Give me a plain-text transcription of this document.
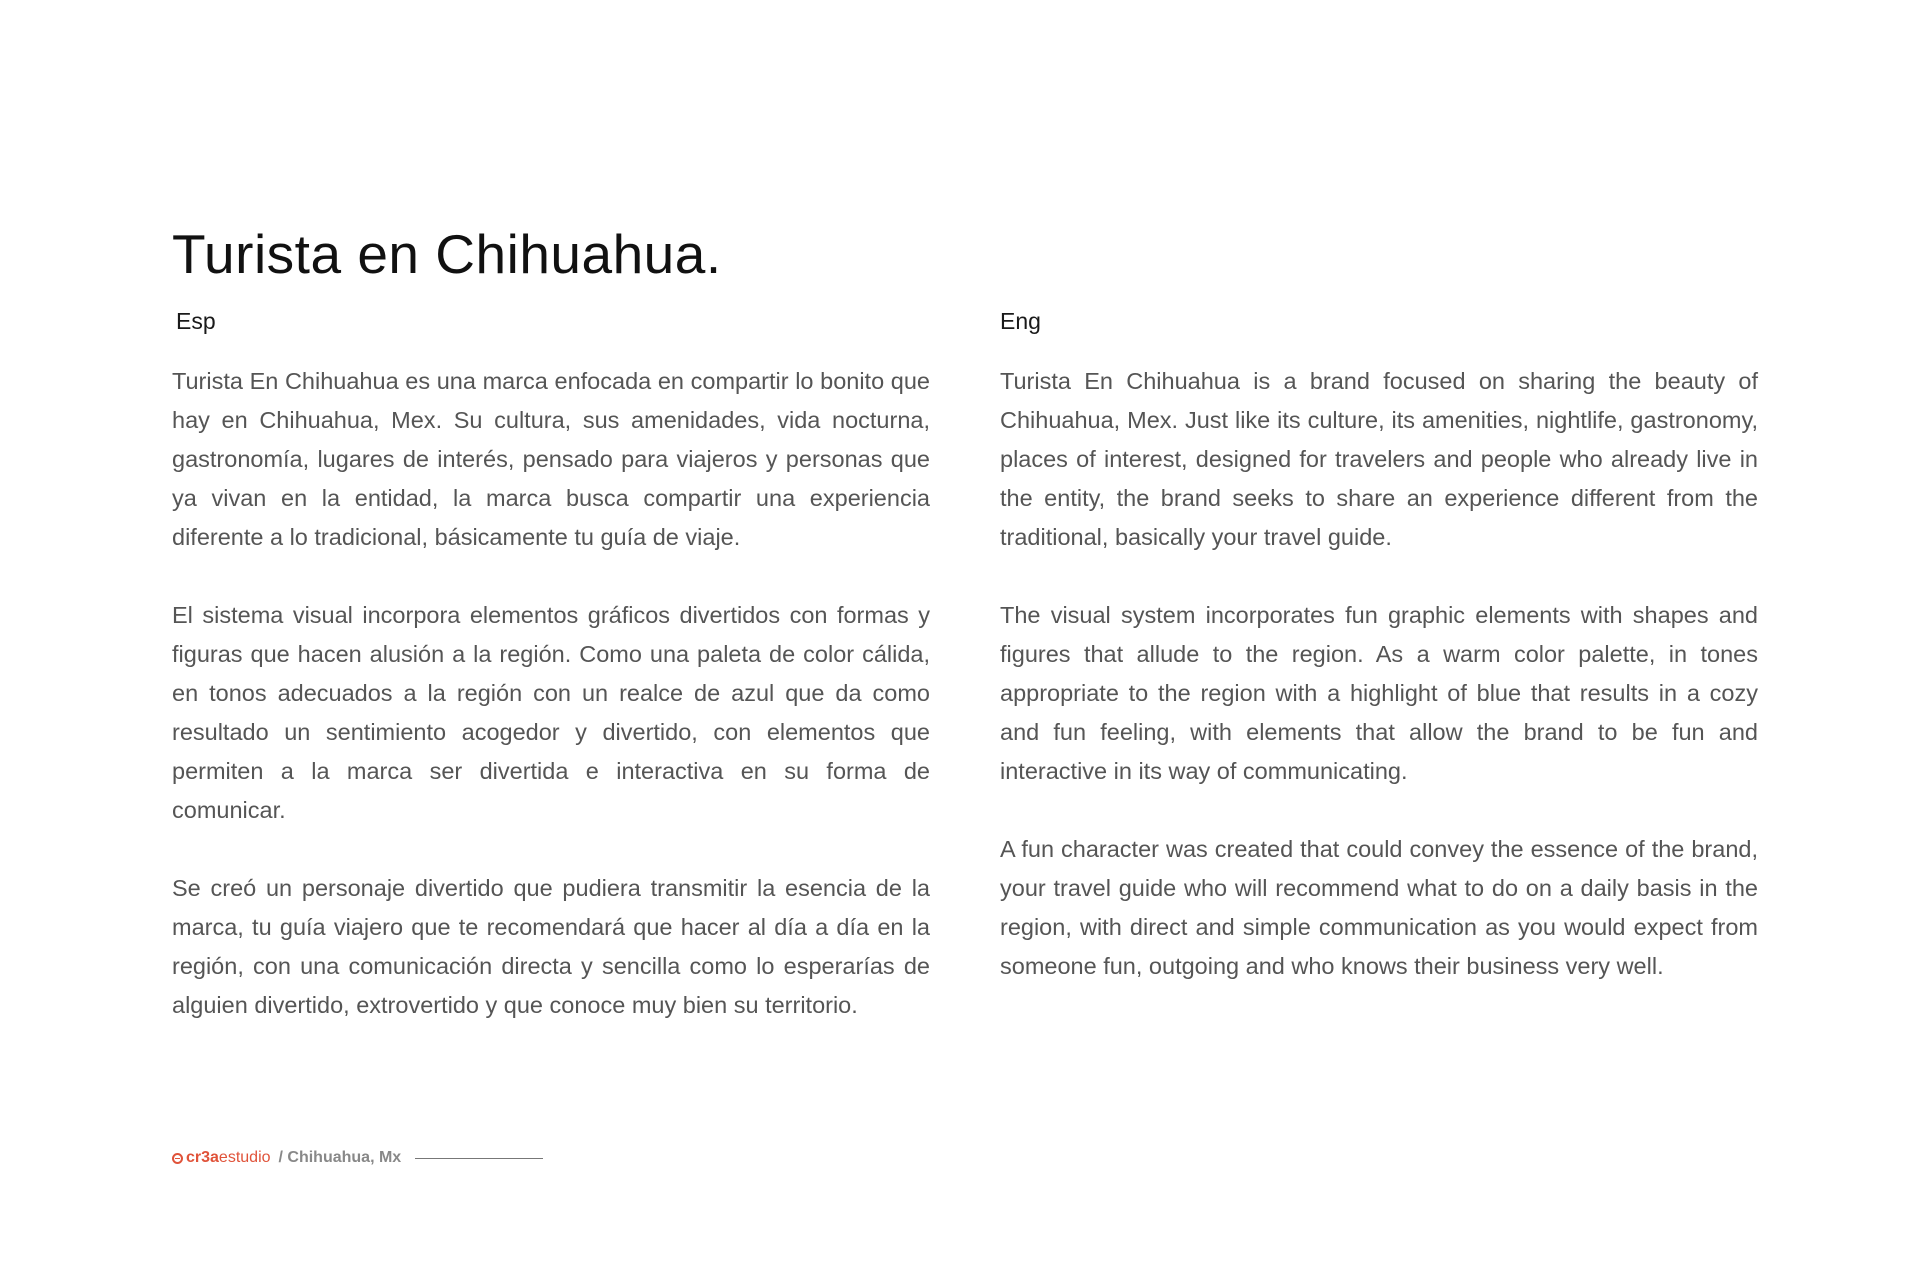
Turista en Chihuahua.
Esp

Turista En Chihuahua es una marca enfocada en compartir lo bonito que hay en Chihuahua, Mex. Su cultura, sus amenidades, vida nocturna, gastronomía, lugares de interés, pensado para viajeros y personas que ya vivan en la entidad, la marca busca compartir una experiencia diferente a lo tradicional, básicamente tu guía de viaje.

El sistema visual incorpora elementos gráficos divertidos con formas y figuras que hacen alusión a la región. Como una paleta de color cálida, en tonos adecuados a la región con un realce de azul que da como resultado un sentimiento acogedor y divertido, con elementos que permiten a la marca ser divertida e interactiva en su forma de comunicar.

Se creó un personaje divertido que pudiera transmitir la esencia de la marca, tu guía viajero que te recomendará que hacer al día a día en la región, con una comunicación directa y sencilla como lo esperarías de alguien divertido, extrovertido y que conoce muy bien su territorio.

Eng

Turista En Chihuahua is a brand focused on sharing the beauty of Chihuahua, Mex. Just like its culture, its amenities, nightlife, gastronomy, places of interest, designed for travelers and people who already live in the entity, the brand seeks to share an experience different from the traditional, basically your travel guide.

The visual system incorporates fun graphic elements with shapes and figures that allude to the region. As a warm color palette, in tones appropriate to the region with a highlight of blue that results in a cozy and fun feeling, with elements that allow the brand to be fun and interactive in its way of communicating.

A fun character was created that could convey the essence of the brand, your travel guide who will recommend what to do on a daily basis in the region, with direct and simple communication as you would expect from someone fun, outgoing and who knows their business very well.

cr3a estudio / Chihuahua, Mx
